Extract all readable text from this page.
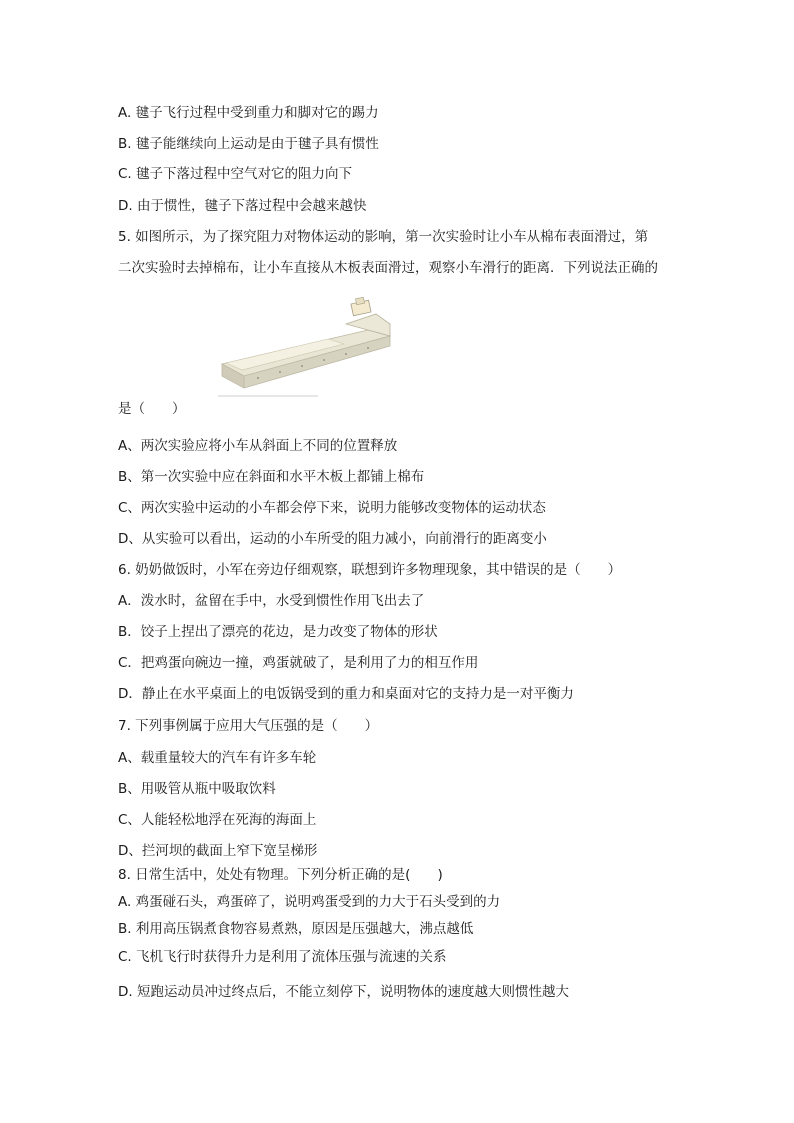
A. 毽子飞行过程中受到重力和脚对它的踢力
B. 毽子能继续向上运动是由于毽子具有惯性
C. 毽子下落过程中空气对它的阻力向下
D. 由于惯性，毽子下落过程中会越来越快
5. 如图所示，为了探究阻力对物体运动的影响，第一次实验时让小车从棉布表面滑过，第
二次实验时去掉棉布，让小车直接从木板表面滑过，观察小车滑行的距离．下列说法正确的
是（　　）
A、两次实验应将小车从斜面上不同的位置释放
B、第一次实验中应在斜面和水平木板上都铺上棉布
C、两次实验中运动的小车都会停下来，说明力能够改变物体的运动状态
D、从实验可以看出，运动的小车所受的阻力减小，向前滑行的距离变小
6. 奶奶做饭时，小军在旁边仔细观察，联想到许多物理现象，其中错误的是（　　）
A．泼水时，盆留在手中，水受到惯性作用飞出去了
B．饺子上捏出了漂亮的花边，是力改变了物体的形状
C．把鸡蛋向碗边一撞，鸡蛋就破了，是利用了力的相互作用
D．静止在水平桌面上的电饭锅受到的重力和桌面对它的支持力是一对平衡力
7. 下列事例属于应用大气压强的是（　　）
A、载重量较大的汽车有许多车轮
B、用吸管从瓶中吸取饮料
C、人能轻松地浮在死海的海面上
D、拦河坝的截面上窄下宽呈梯形
8. 日常生活中，处处有物理。下列分析正确的是(　　)
A. 鸡蛋碰石头，鸡蛋碎了，说明鸡蛋受到的力大于石头受到的力
B. 利用高压锅煮食物容易煮熟，原因是压强越大，沸点越低
C. 飞机飞行时获得升力是利用了流体压强与流速的关系
D. 短跑运动员冲过终点后，不能立刻停下，说明物体的速度越大则惯性越大
